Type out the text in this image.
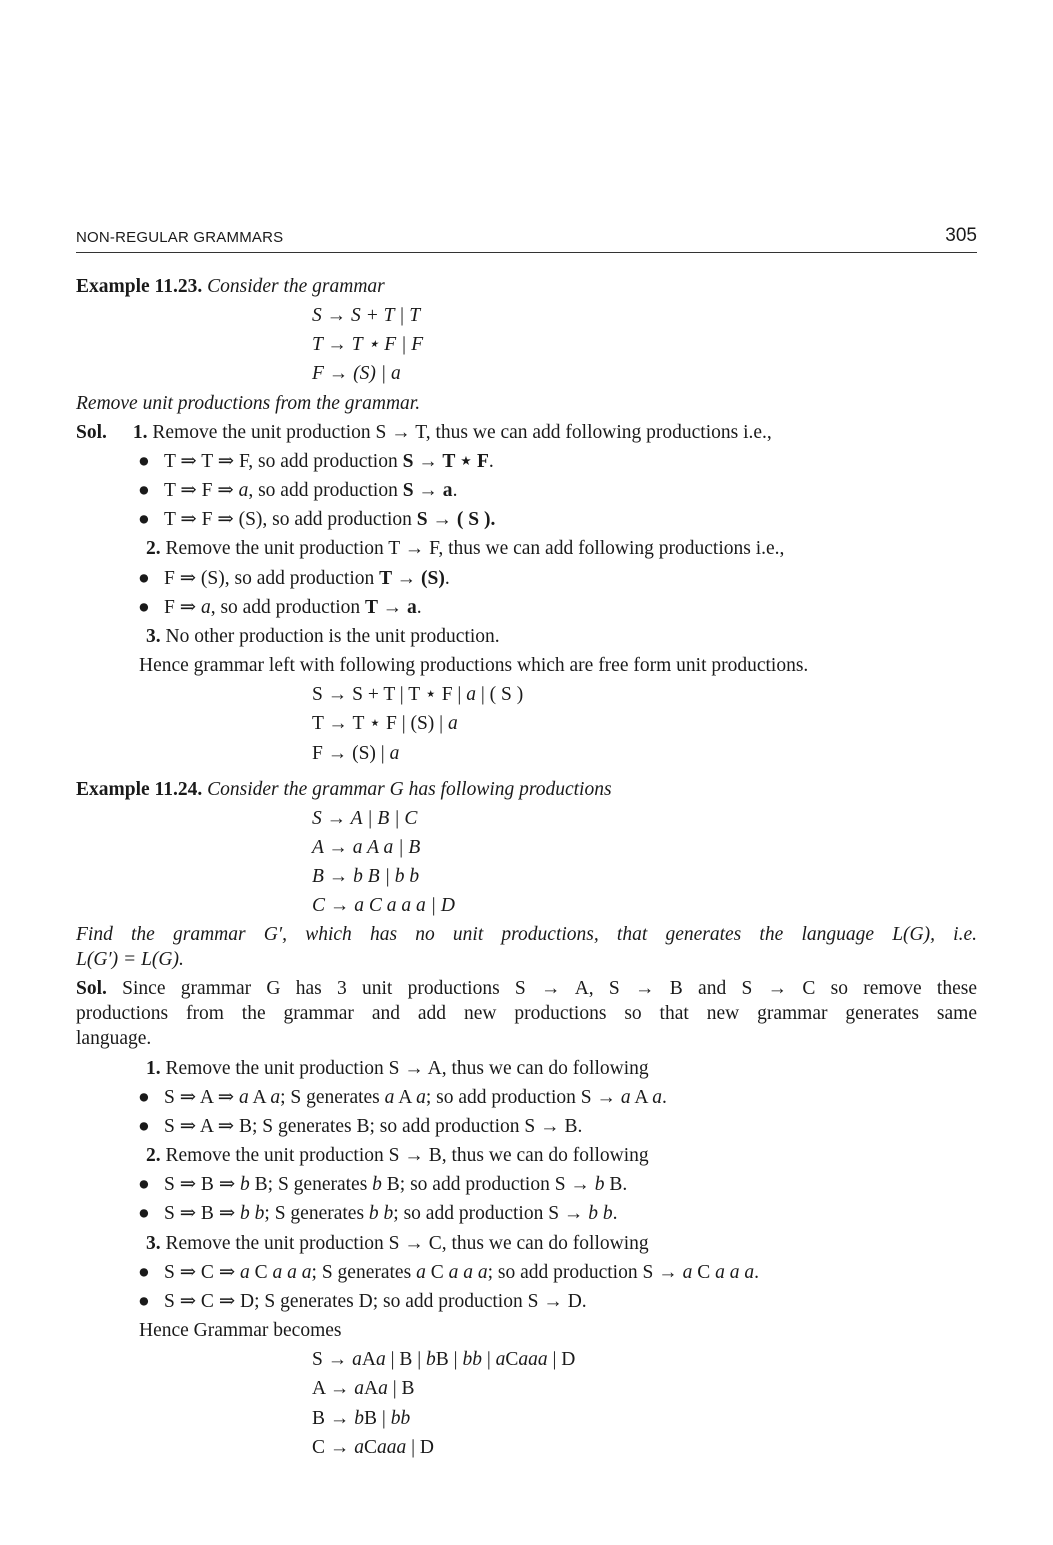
NON-REGULAR GRAMMARS	305
Example 11.23. Consider the grammar
S → S + T | T
T → T ⋆ F | F
F → (S) | a
Remove unit productions from the grammar.
Sol. 1. Remove the unit production S → T, thus we can add following productions i.e.,
● T ⇒ T ⇒ F, so add production S → T ⋆ F.
● T ⇒ F ⇒ a, so add production S → a.
● T ⇒ F ⇒ (S), so add production S → ( S ).
2. Remove the unit production T → F, thus we can add following productions i.e.,
● F ⇒ (S), so add production T → (S).
● F ⇒ a, so add production T → a.
3. No other production is the unit production.
Hence grammar left with following productions which are free form unit productions.
S → S + T | T ⋆ F | a | ( S )
T → T ⋆ F | (S) | a
F → (S) | a
Example 11.24. Consider the grammar G has following productions
S → A | B | C
A → a A a | B
B → b B | b b
C → a C a a a | D
Find the grammar G′, which has no unit productions, that generates the language L(G), i.e.
L(G′) = L(G).
Sol. Since grammar G has 3 unit productions S → A, S → B and S → C so remove these
productions from the grammar and add new productions so that new grammar generates same
language.
1. Remove the unit production S → A, thus we can do following
● S ⇒ A ⇒ a A a; S generates a A a; so add production S → a A a.
● S ⇒ A ⇒ B; S generates B; so add production S → B.
2. Remove the unit production S → B, thus we can do following
● S ⇒ B ⇒ b B; S generates b B; so add production S → b B.
● S ⇒ B ⇒ b b; S generates b b; so add production S → b b.
3. Remove the unit production S → C, thus we can do following
● S ⇒ C ⇒ a C a a a; S generates a C a a a; so add production S → a C a a a.
● S ⇒ C ⇒ D; S generates D; so add production S → D.
Hence Grammar becomes
S → aAa | B | bB | bb | aCaaa | D
A → aAa | B
B → bB | bb
C → aCaaa | D
